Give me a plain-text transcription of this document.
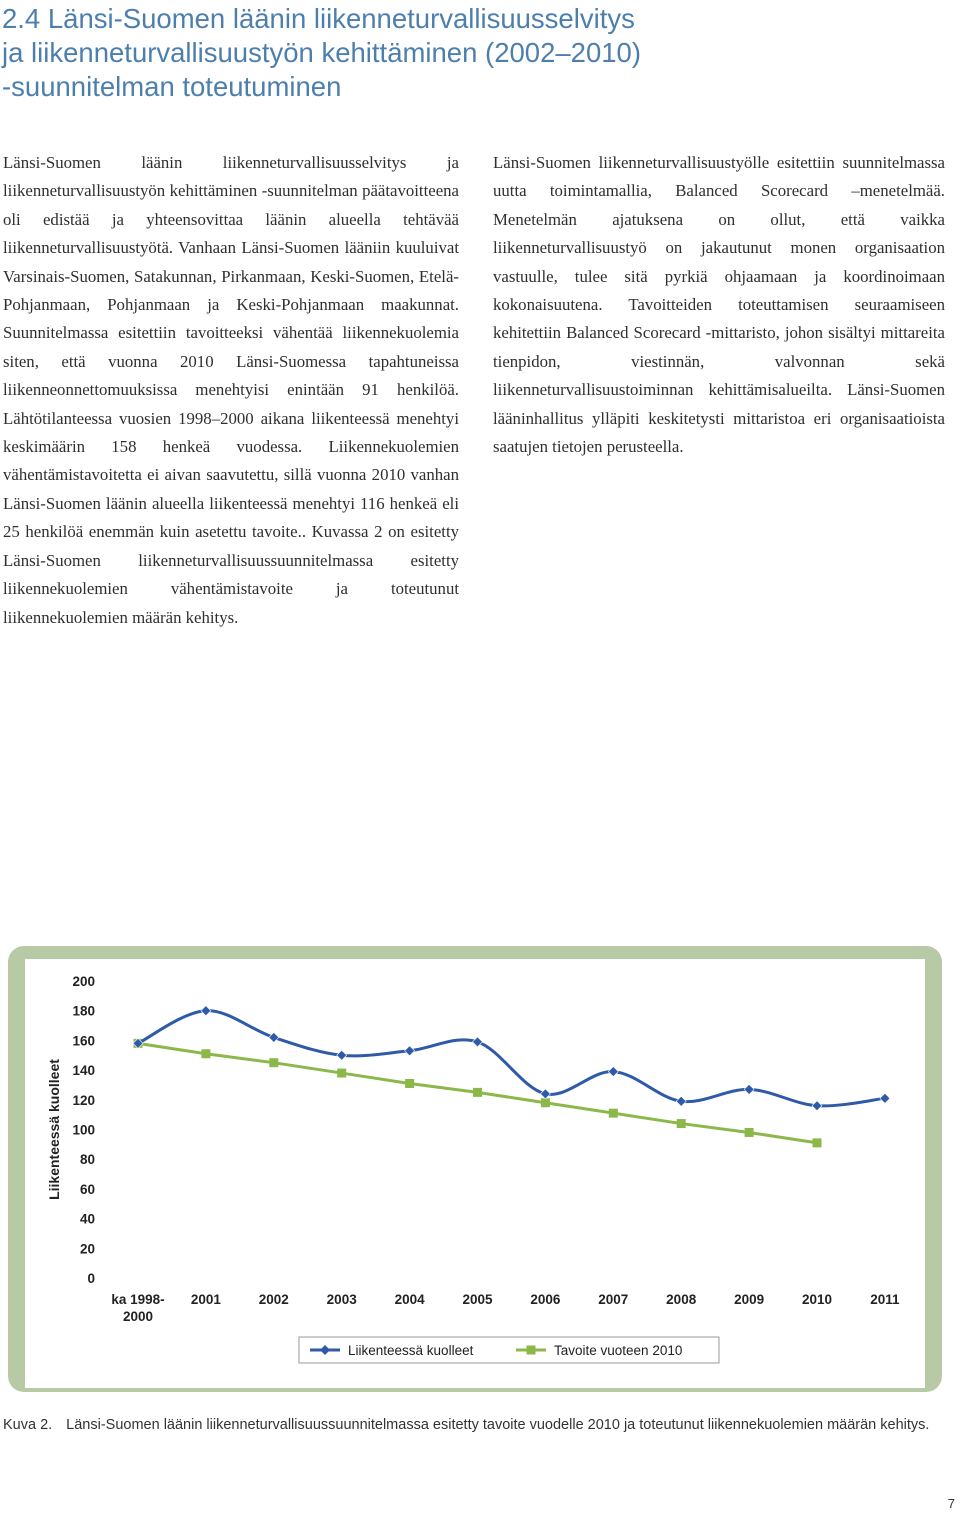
2.4 Länsi-Suomen läänin liikenneturvallisuusselvitys
ja liikenneturvallisuustyön kehittäminen (2002–2010)
-suunnitelman toteutuminen

Länsi-Suomen läänin liikenneturvallisuusselvitys ja liikenneturvallisuustyön kehittäminen -suunnitelman päätavoitteena oli edistää ja yhteensovittaa läänin alueella tehtävää liikenneturvallisuustyötä. Vanhaan Länsi-Suomen lääniin kuuluivat Varsinais-Suomen, Satakunnan, Pirkanmaan, Keski-Suomen, Etelä-Pohjanmaan, Pohjanmaan ja Keski-Pohjanmaan maakunnat. Suunnitelmassa esitettiin tavoitteeksi vähentää liikennekuolemia siten, että vuonna 2010 Länsi-Suomessa tapahtuneissa liikenneonnettomuuksissa menehtyisi enintään 91 henkilöä. Lähtötilanteessa vuosien 1998–2000 aikana liikenteessä menehtyi keskimäärin 158 henkeä vuodessa. Liikennekuolemien vähentämistavoitetta ei aivan saavutettu, sillä vuonna 2010 vanhan Länsi-Suomen läänin alueella liikenteessä menehtyi 116 henkeä eli 25 henkilöä enemmän kuin asetettu tavoite.. Kuvassa 2 on esitetty Länsi-Suomen liikenneturvallisuussuunnitelmassa esitetty liikennekuolemien vähentämistavoite ja toteutunut liikennekuolemien määrän kehitys.

Länsi-Suomen liikenneturvallisuustyölle esitettiin suunnitelmassa uutta toimintamallia, Balanced Scorecard –menetelmää. Menetelmän ajatuksena on ollut, että vaikka liikenneturvallisuustyö on jakautunut monen organisaation vastuulle, tulee sitä pyrkiä ohjaamaan ja koordinoimaan kokonaisuutena. Tavoitteiden toteuttamisen seuraamiseen kehitettiin Balanced Scorecard -mittaristo, johon sisältyi mittareita tienpidon, viestinnän, valvonnan sekä liikenneturvallisuustoiminnan kehittämisalueilta. Länsi-Suomen lääninhallitus ylläpiti keskitetysti mittaristoa eri organisaatioista saatujen tietojen perusteella.

0
20
40
60
80
100
120
140
160
180
200
Liikenteessä kuolleet
ka 1998-2000
2001	2002	2003	2004	2005	2006	2007	2008	2009	2010	2011
Liikenteessä kuolleet	Tavoite vuoteen 2010
Kuva 2. Länsi-Suomen läänin liikenneturvallisuussuunnitelmassa esitetty tavoite vuodelle 2010 ja toteutunut liikennekuolemien määrän kehitys.
7
